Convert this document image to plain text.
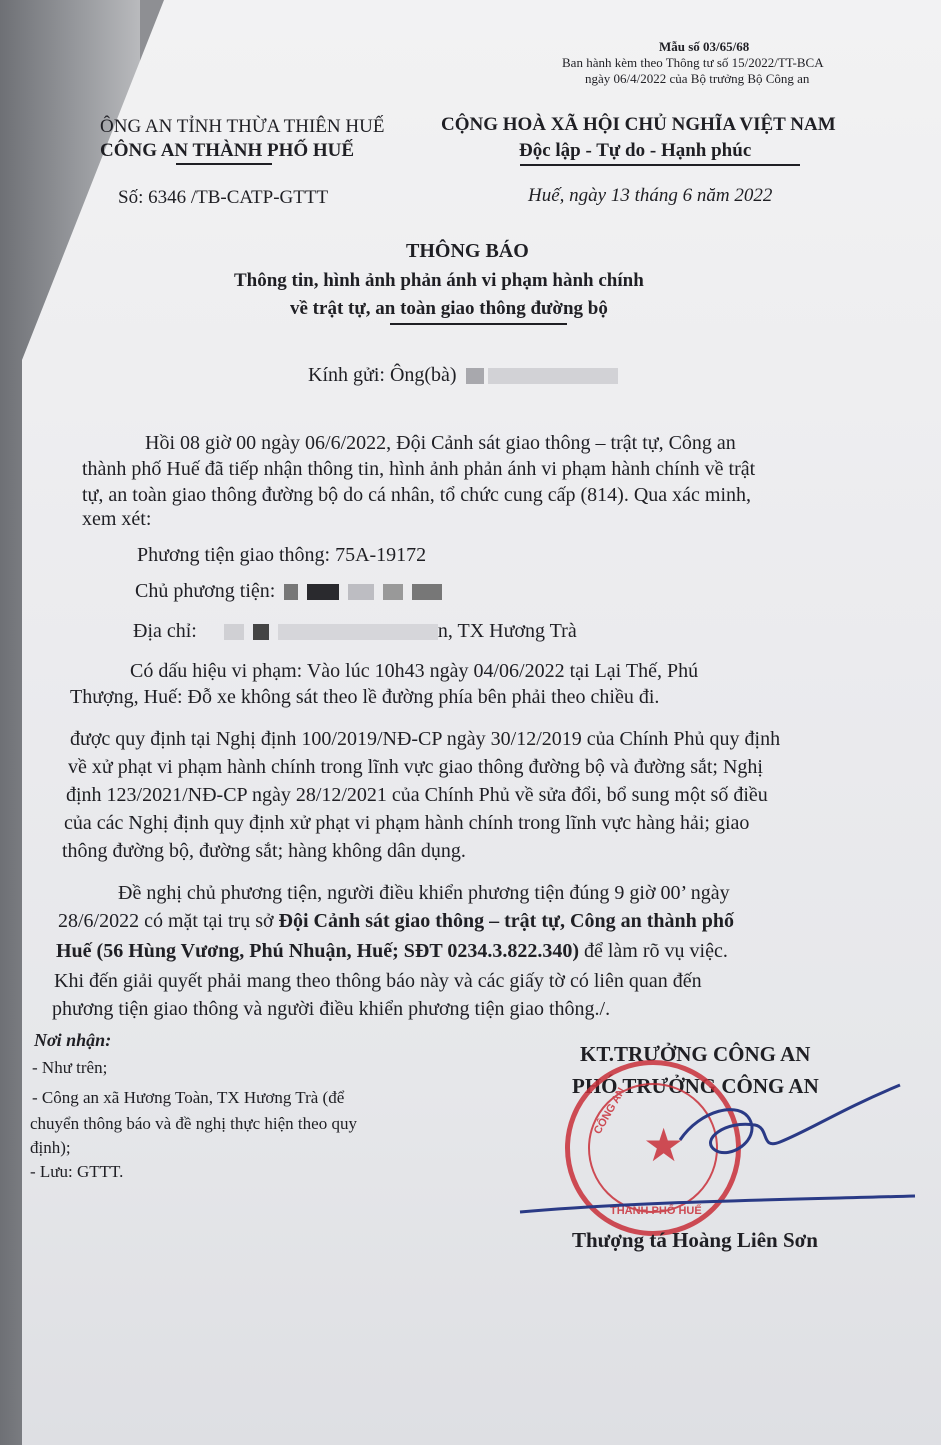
Mẫu số 03/65/68
Ban hành kèm theo Thông tư số 15/2022/TT-BCA
ngày 06/4/2022 của Bộ trưởng Bộ Công an
ÔNG AN TỈNH THỪA THIÊN HUẾ
CÔNG AN THÀNH PHỐ HUẾ
CỘNG HOÀ XÃ HỘI CHỦ NGHĨA VIỆT NAM
Độc lập - Tự do - Hạnh phúc
Số: 6346 /TB-CATP-GTTT	Huế, ngày 13 tháng 6 năm 2022
THÔNG BÁO
Thông tin, hình ảnh phản ánh vi phạm hành chính
về trật tự, an toàn giao thông đường bộ
Kính gửi: Ông(bà)
Hồi 08 giờ 00 ngày 06/6/2022, Đội Cảnh sát giao thông – trật tự, Công an
thành phố Huế đã tiếp nhận thông tin, hình ảnh phản ánh vi phạm hành chính về trật
tự, an toàn giao thông đường bộ do cá nhân, tổ chức cung cấp (814). Qua xác minh,
xem xét:
Phương tiện giao thông: 75A-19172
Chủ phương tiện:
Địa chỉ:	n, TX Hương Trà
Có dấu hiệu vi phạm: Vào lúc 10h43 ngày 04/06/2022 tại Lại Thế, Phú
Thượng, Huế: Đỗ xe không sát theo lề đường phía bên phải theo chiều đi.
được quy định tại Nghị định 100/2019/NĐ-CP ngày 30/12/2019 của Chính Phủ quy định
về xử phạt vi phạm hành chính trong lĩnh vực giao thông đường bộ và đường sắt; Nghị
định 123/2021/NĐ-CP ngày 28/12/2021 của Chính Phủ về sửa đổi, bổ sung một số điều
của các Nghị định quy định xử phạt vi phạm hành chính trong lĩnh vực hàng hải; giao
thông đường bộ, đường sắt; hàng không dân dụng.
Đề nghị chủ phương tiện, người điều khiển phương tiện đúng 9 giờ 00’ ngày
28/6/2022 có mặt tại trụ sở Đội Cảnh sát giao thông – trật tự, Công an thành phố
Huế (56 Hùng Vương, Phú Nhuận, Huế; SĐT 0234.3.822.340) để làm rõ vụ việc.
Khi đến giải quyết phải mang theo thông báo này và các giấy tờ có liên quan đến
phương tiện giao thông và người điều khiển phương tiện giao thông./.
Nơi nhận:
- Như trên;
- Công an xã Hương Toàn, TX Hương Trà (để
chuyển thông báo và đề nghị thực hiện theo quy
định);
- Lưu: GTTT.
KT.TRƯỞNG CÔNG AN
PHÓ TRƯỞNG CÔNG AN
★
CÔNG AN
THÀNH PHỐ HUẾ
Thượng tá Hoàng Liên Sơn
